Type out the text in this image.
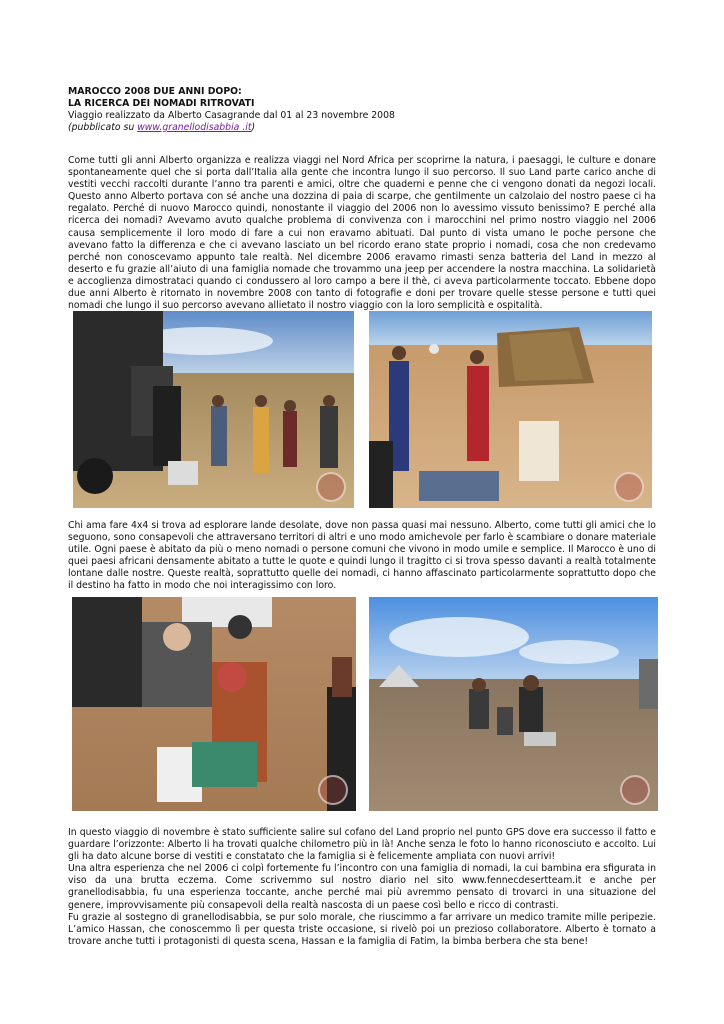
MAROCCO 2008 DUE ANNI DOPO:
LA RICERCA DEI NOMADI RITROVATI
Viaggio realizzato da Alberto Casagrande dal 01 al 23 novembre 2008
(pubblicato su www.granellodisabbia .it)

Come tutti gli anni Alberto organizza e realizza viaggi nel Nord Africa per scoprirne la natura, i paesaggi, le culture e donare spontaneamente quel che si porta dall’Italia alla gente che incontra lungo il suo percorso. Il suo Land parte carico anche di vestiti vecchi raccolti durante l’anno tra parenti e amici, oltre che quaderni e penne che ci vengono donati da negozi locali. Questo anno Alberto portava con sé anche una dozzina di paia di scarpe, che gentilmente un calzolaio del nostro paese ci ha regalato. Perché di nuovo Marocco quindi, nonostante il viaggio del 2006 non lo avessimo vissuto benissimo? E perché alla ricerca dei nomadi? Avevamo avuto qualche problema di convivenza con i marocchini nel primo nostro viaggio nel 2006 causa semplicemente il loro modo di fare a cui non eravamo abituati. Dal punto di vista umano le poche persone che avevano fatto la differenza e che ci avevano lasciato un bel ricordo erano state proprio i nomadi, cosa che non credevamo perché non conoscevamo appunto tale realtà. Nel dicembre 2006 eravamo rimasti senza batteria del Land in mezzo al deserto e fu grazie all’aiuto di una famiglia nomade che trovammo una jeep per accendere la nostra macchina. La solidarietà e accoglienza dimostrataci quando ci condussero al loro campo a bere il thè, ci aveva particolarmente toccato. Ebbene dopo due anni Alberto è ritornato in novembre 2008 con tanto di fotografie e doni per trovare quelle stesse persone e tutti quei nomadi che lungo il suo percorso avevano allietato il nostro viaggio con la loro semplicità e ospitalità.

Chi ama fare 4x4 si trova ad esplorare lande desolate, dove non passa quasi mai nessuno. Alberto, come tutti gli amici che lo seguono, sono consapevoli che attraversano territori di altri e uno modo amichevole per farlo è scambiare o donare materiale utile. Ogni paese è abitato da più o meno nomadi o persone comuni che vivono in modo umile e semplice. Il Marocco è uno di quei paesi africani densamente abitato a tutte le quote e quindi lungo il tragitto ci si trova spesso davanti a realtà totalmente lontane dalle nostre. Queste realtà, soprattutto quelle dei nomadi, ci hanno affascinato particolarmente soprattutto dopo che il destino ha fatto in modo che noi interagissimo con loro.

In questo viaggio di novembre è stato sufficiente salire sul cofano del Land proprio nel punto GPS dove era successo il fatto e guardare l’orizzonte: Alberto li ha trovati qualche chilometro più in là! Anche senza le foto lo hanno riconosciuto e accolto. Lui gli ha dato alcune borse di vestiti e constatato che la famiglia si è felicemente ampliata con nuovi arrivi!
Una altra esperienza che nel 2006 ci colpì fortemente fu l’incontro con una famiglia di nomadi, la cui bambina era sfigurata in viso da una brutta eczema. Come scrivemmo sul nostro diario nel sito www.fennecdesertteam.it e anche per granellodisabbia, fu una esperienza toccante, anche perché mai più avremmo pensato di trovarci in una situazione del genere, improvvisamente più consapevoli della realtà nascosta di un paese così bello e ricco di contrasti.
Fu grazie al sostegno di granellodisabbia, se pur solo morale, che riuscimmo a far arrivare un medico tramite mille peripezie. L’amico Hassan, che conoscemmo lì per questa triste occasione, si rivelò poi un prezioso collaboratore. Alberto è tornato a trovare anche tutti i protagonisti di questa scena, Hassan e la famiglia di Fatim, la bimba berbera che sta bene!
